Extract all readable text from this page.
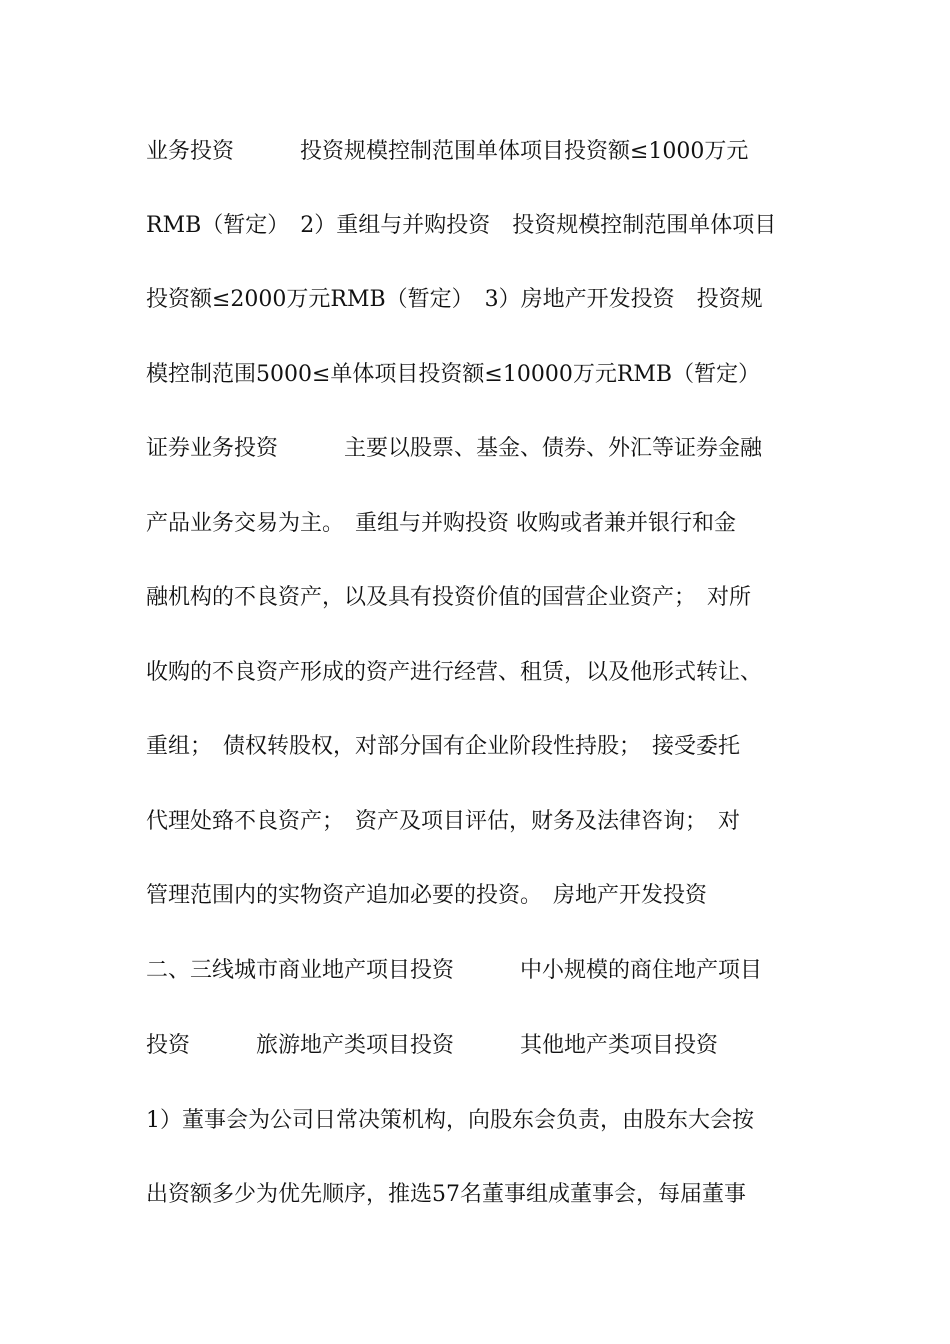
业务投资　　　投资规模控制范围单体项目投资额≤1000万元
RMB（暂定）　2）重组与并购投资　投资规模控制范围单体项目
投资额≤2000万元RMB（暂定）　3）房地产开发投资　投资规
模控制范围5000≤单体项目投资额≤10000万元RMB（暂定）
证券业务投资　　　主要以股票、基金、债券、外汇等证券金融
产品业务交易为主。　重组与并购投资 收购或者兼并银行和金
融机构的不良资产，以及具有投资价值的国营企业资产；　对所
收购的不良资产形成的资产进行经营、租赁，以及他形式转让、
重组；　债权转股权，对部分国有企业阶段性持股；　接受委托
代理处臵不良资产；　资产及项目评估，财务及法律咨询；　对
管理范围内的实物资产追加必要的投资。　房地产开发投资
二、三线城市商业地产项目投资　　　中小规模的商住地产项目
投资　　　旅游地产类项目投资　　　其他地产类项目投资
1）董事会为公司日常决策机构，向股东会负责，由股东大会按
出资额多少为优先顺序，推选57名董事组成董事会，每届董事
